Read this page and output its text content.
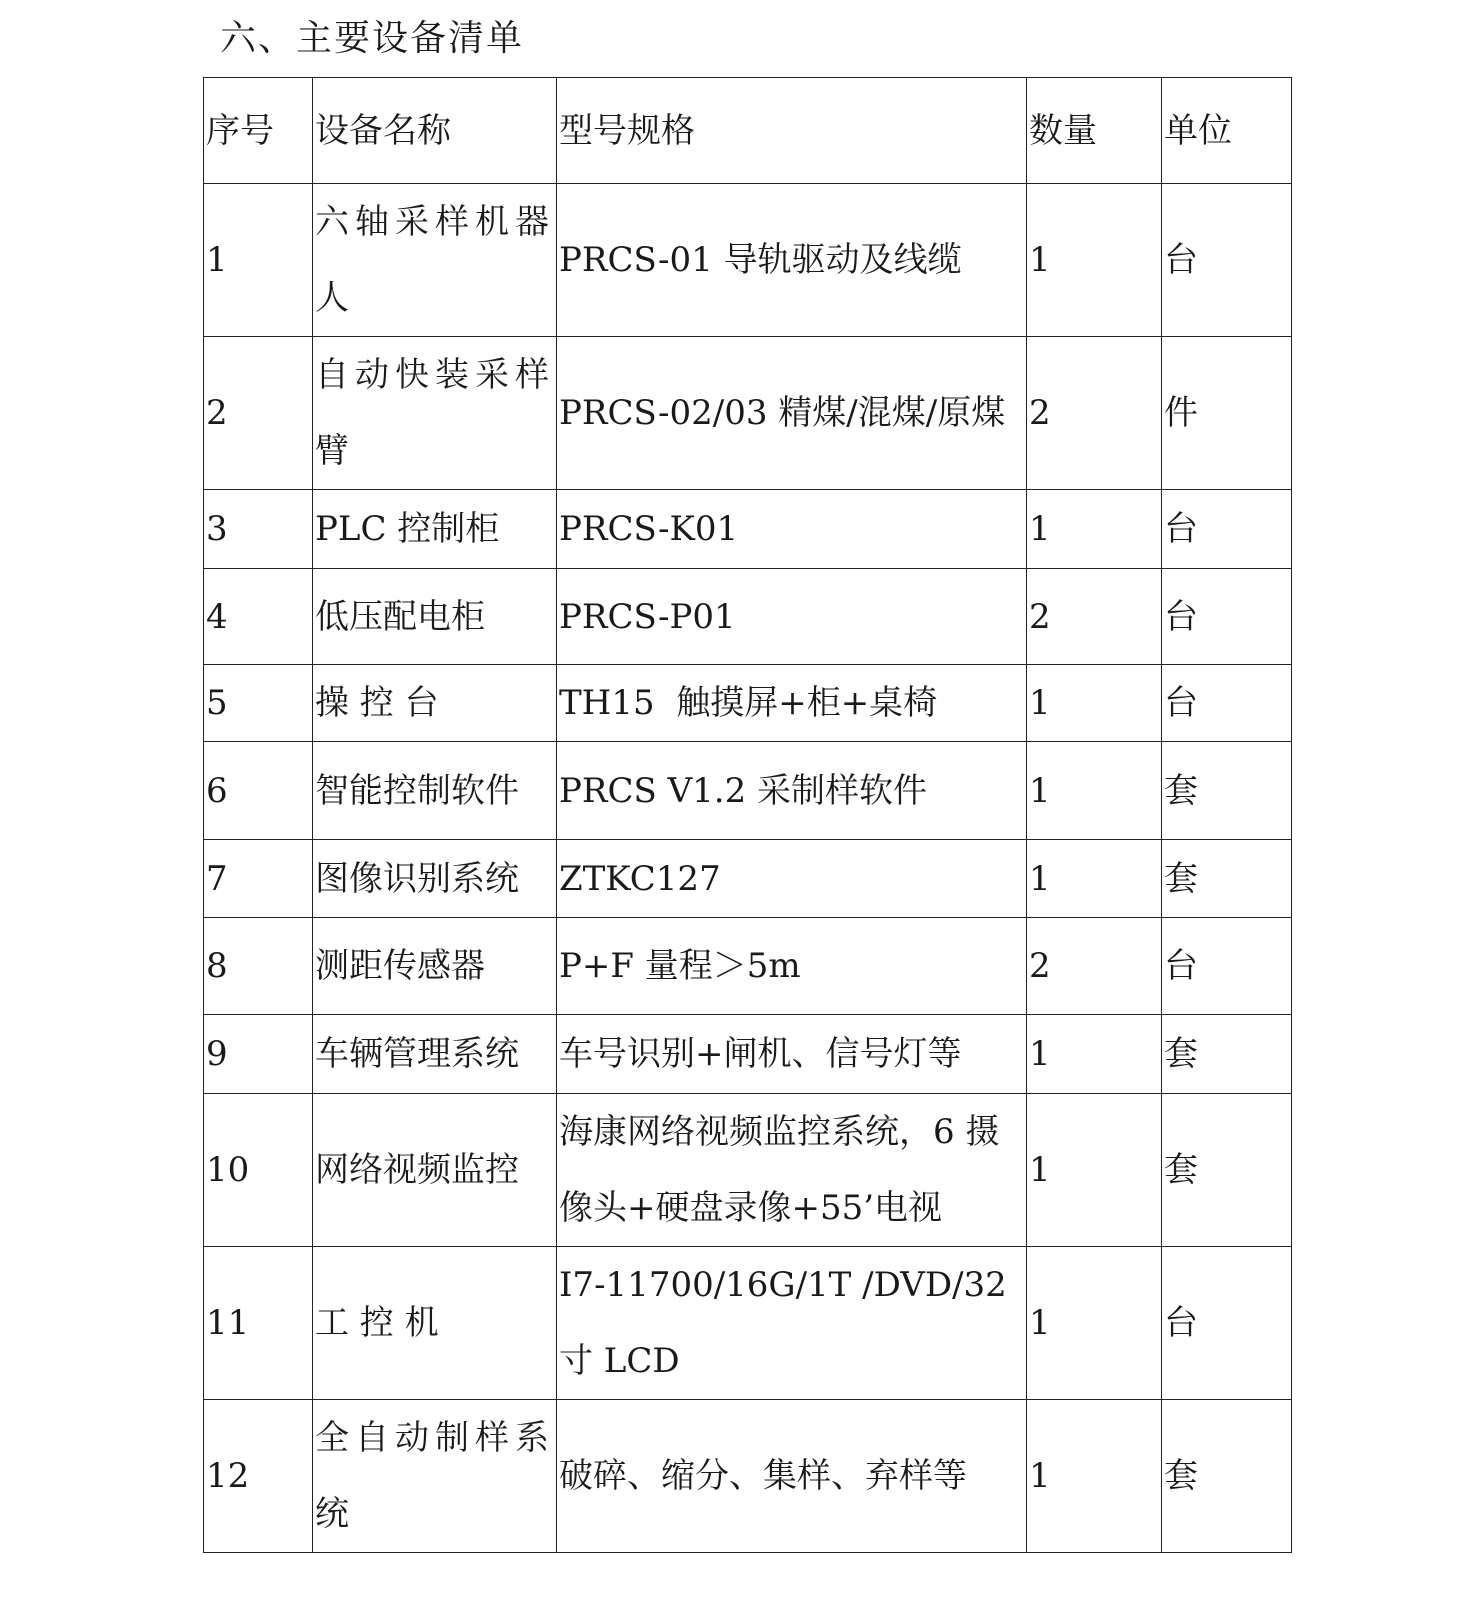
六、主要设备清单
序号	设备名称	型号规格	数量	单位
1	六轴采样机器人	PRCS-01 导轨驱动及线缆	1	台
2	自动快装采样臂	PRCS-02/03 精煤/混煤/原煤	2	件
3	PLC 控制柜	PRCS-K01	1	台
4	低压配电柜	PRCS-P01	2	台
5	操 控 台	TH15  触摸屏+柜+桌椅	1	台
6	智能控制软件	PRCS V1.2 采制样软件	1	套
7	图像识别系统	ZTKC127	1	套
8	测距传感器	P+F 量程＞5m	2	台
9	车辆管理系统	车号识别+闸机、信号灯等	1	套
10	网络视频监控	海康网络视频监控系统，6 摄像头+硬盘录像+55’电视	1	套
11	工 控 机	I7-11700/16G/1T /DVD/32 寸 LCD	1	台
12	全自动制样系统	破碎、缩分、集样、弃样等	1	套
